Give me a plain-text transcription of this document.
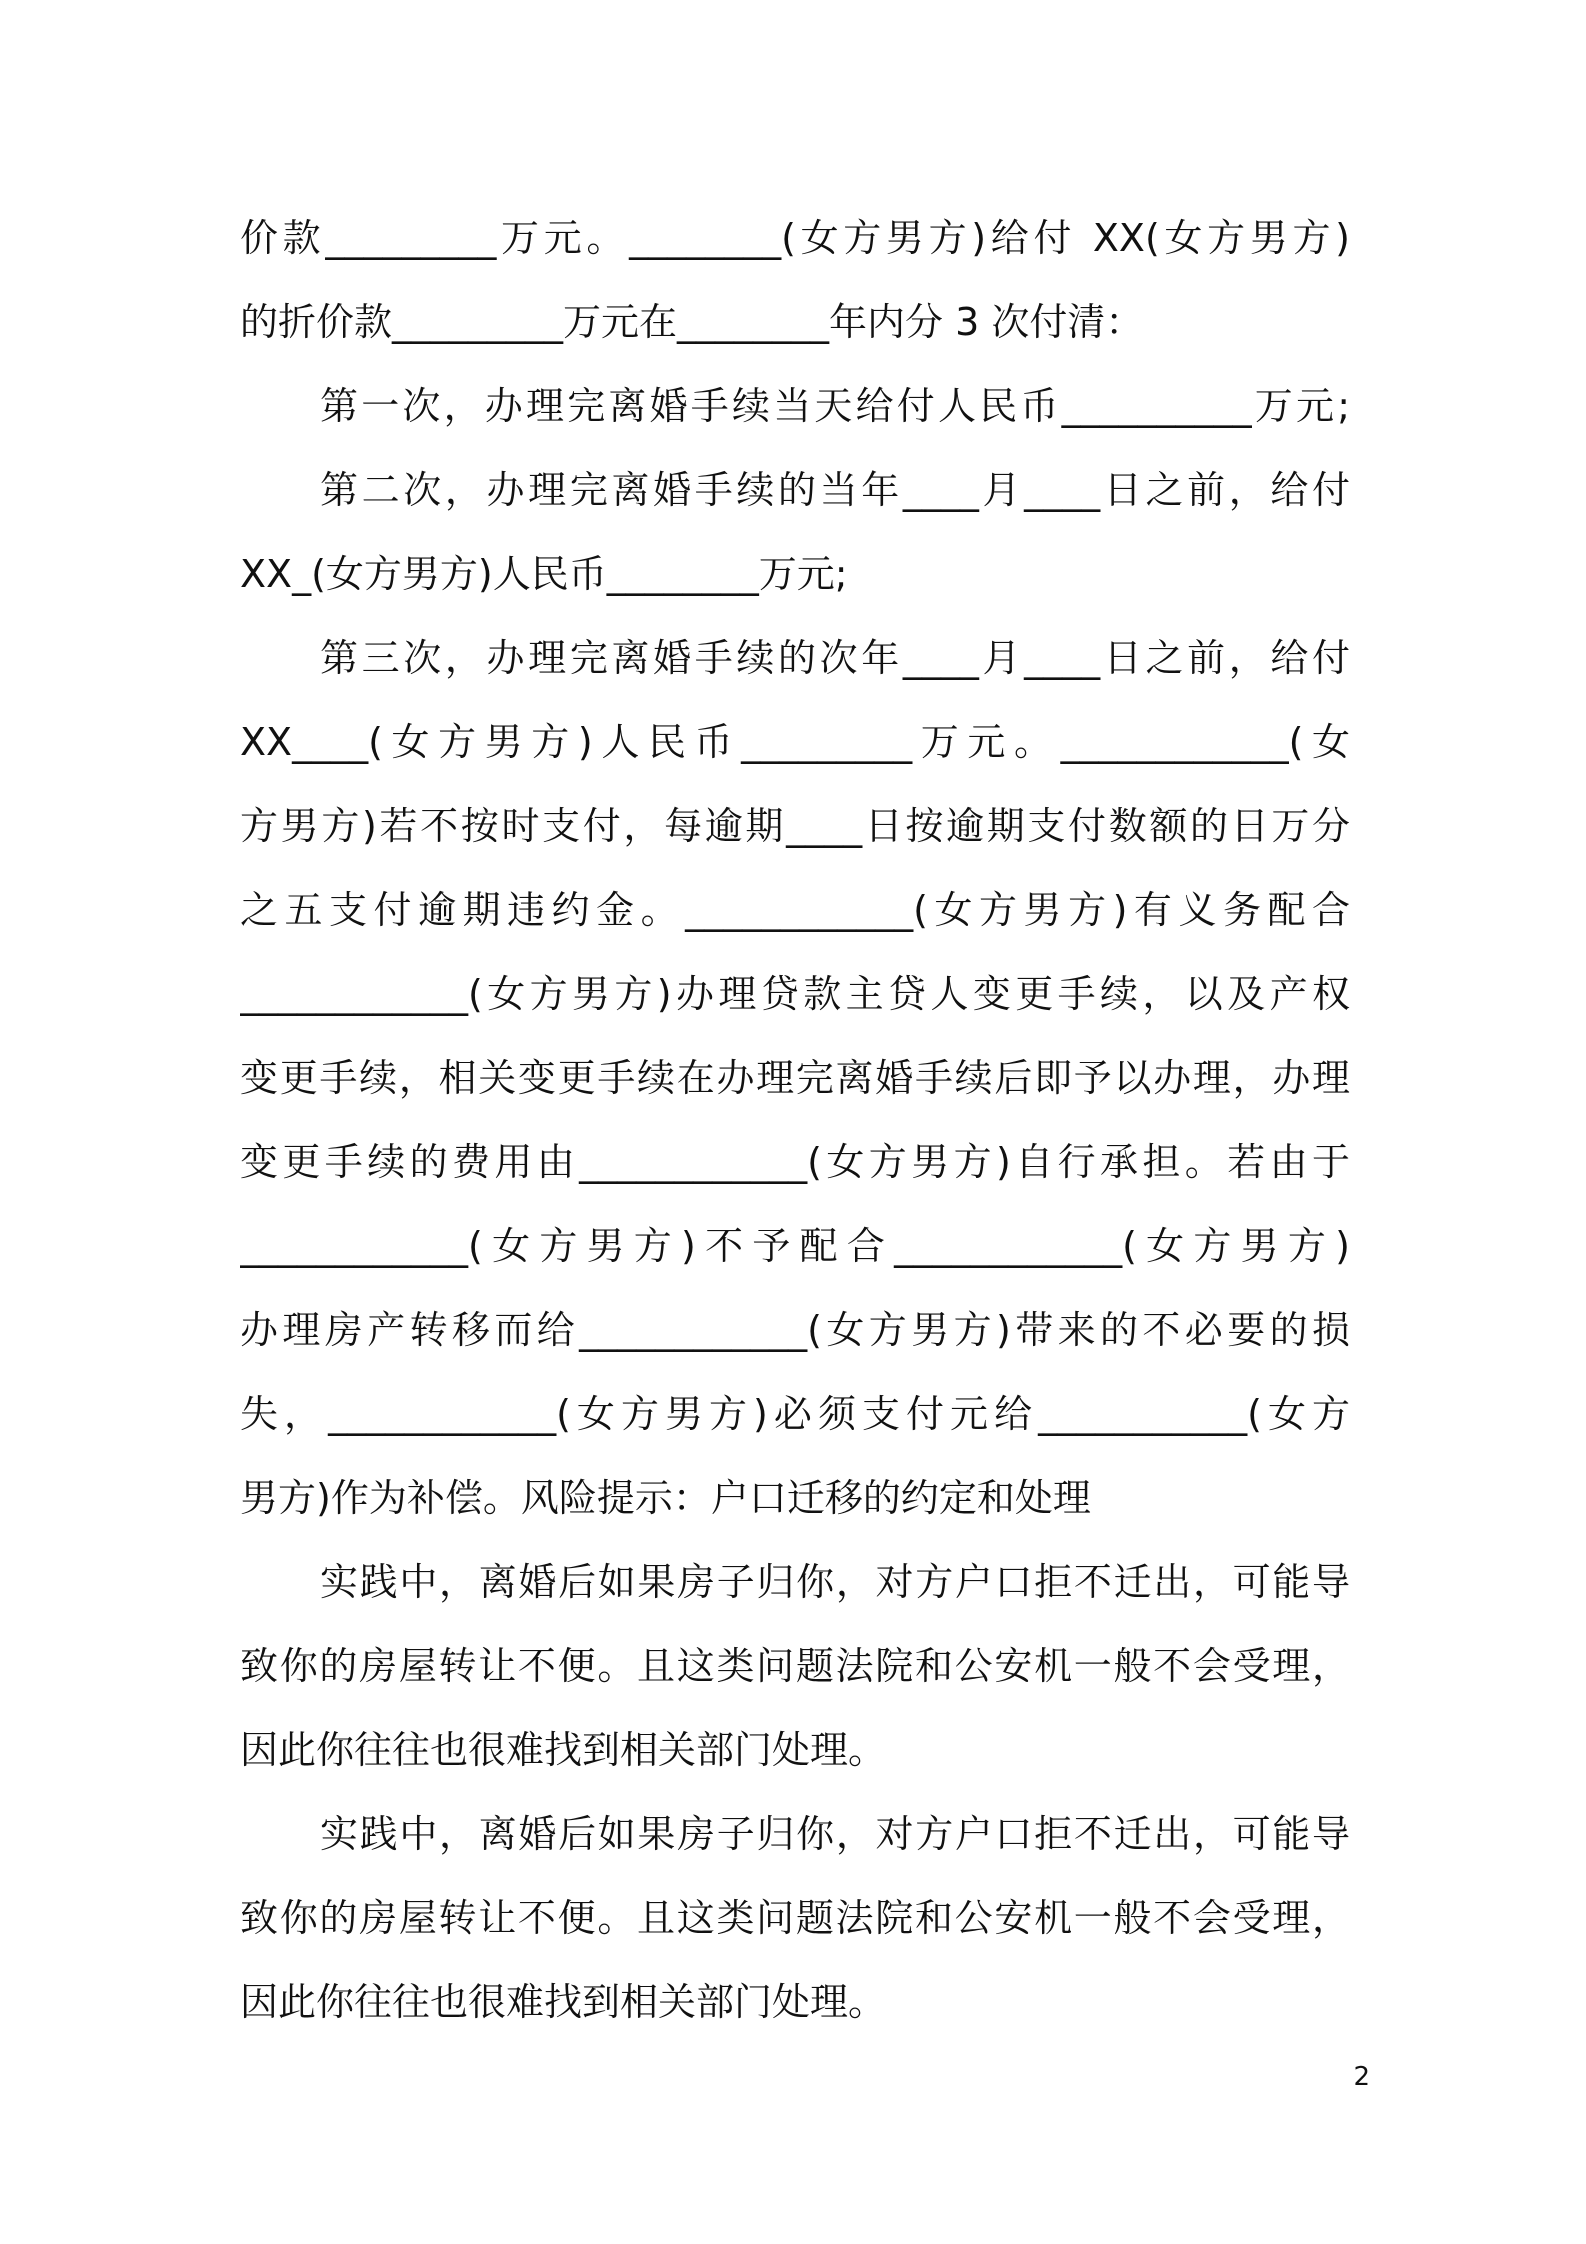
价款_________万元。________(女方男方)给付 XX(女方男方)
的折价款_________万元在________年内分 3 次付清：
第一次，办理完离婚手续当天给付人民币__________万元;
第二次，办理完离婚手续的当年____月____日之前，给付
XX_(女方男方)人民币________万元;
第三次，办理完离婚手续的次年____月____日之前，给付
XX____(女方男方)人民币_________万元。____________(女
方男方)若不按时支付，每逾期____日按逾期支付数额的日万分
之五支付逾期违约金。____________(女方男方)有义务配合
____________(女方男方)办理贷款主贷人变更手续，以及产权
变更手续，相关变更手续在办理完离婚手续后即予以办理，办理
变更手续的费用由____________(女方男方)自行承担。若由于
____________(女方男方)不予配合____________(女方男方)
办理房产转移而给____________(女方男方)带来的不必要的损
失，____________(女方男方)必须支付元给___________(女方
男方)作为补偿。风险提示：户口迁移的约定和处理
实践中，离婚后如果房子归你，对方户口拒不迁出，可能导
致你的房屋转让不便。且这类问题法院和公安机一般不会受理，
因此你往往也很难找到相关部门处理。
实践中，离婚后如果房子归你，对方户口拒不迁出，可能导
致你的房屋转让不便。且这类问题法院和公安机一般不会受理，
因此你往往也很难找到相关部门处理。
2
